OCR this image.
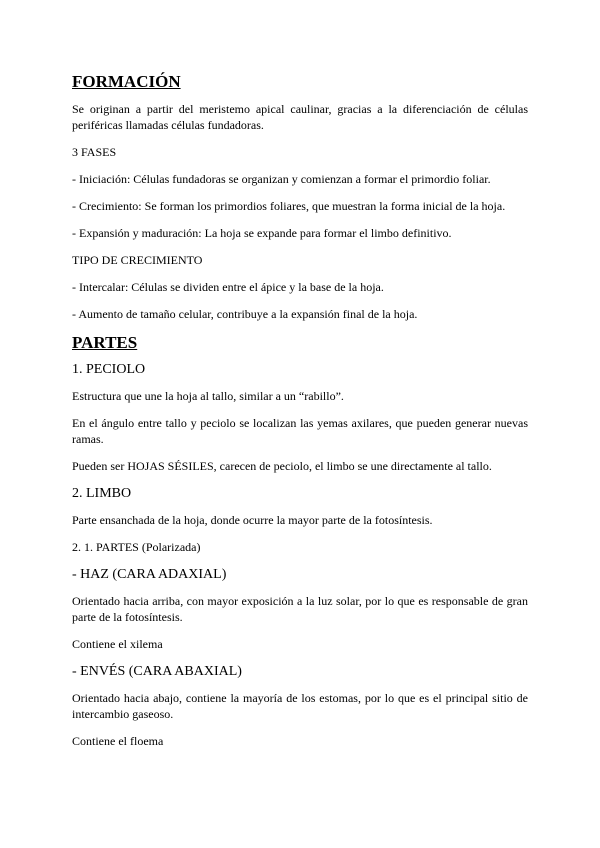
FORMACIÓN
Se originan a partir del meristemo apical caulinar, gracias a la diferenciación de células periféricas llamadas células fundadoras.
3 FASES
- Iniciación: Células fundadoras se organizan y comienzan a formar el primordio foliar.
- Crecimiento: Se forman los primordios foliares, que muestran la forma inicial de la hoja.
- Expansión y maduración: La hoja se expande para formar el limbo definitivo.
TIPO DE CRECIMIENTO
- Intercalar: Células se dividen entre el ápice y la base de la hoja.
- Aumento de tamaño celular, contribuye a la expansión final de la hoja.
PARTES
1. PECIOLO
Estructura que une la hoja al tallo, similar a un “rabillo”.
En el ángulo entre tallo y peciolo se localizan las yemas axilares, que pueden generar nuevas ramas.
Pueden ser HOJAS SÉSILES, carecen de peciolo, el limbo se une directamente al tallo.
2. LIMBO
Parte ensanchada de la hoja, donde ocurre la mayor parte de la fotosíntesis.
2. 1. PARTES (Polarizada)
- HAZ (CARA ADAXIAL)
Orientado hacia arriba, con mayor exposición a la luz solar, por lo que es responsable de gran parte de la fotosíntesis.
Contiene el xilema
- ENVÉS (CARA ABAXIAL)
Orientado hacia abajo, contiene la mayoría de los estomas, por lo que es el principal sitio de intercambio gaseoso.
Contiene el floema
